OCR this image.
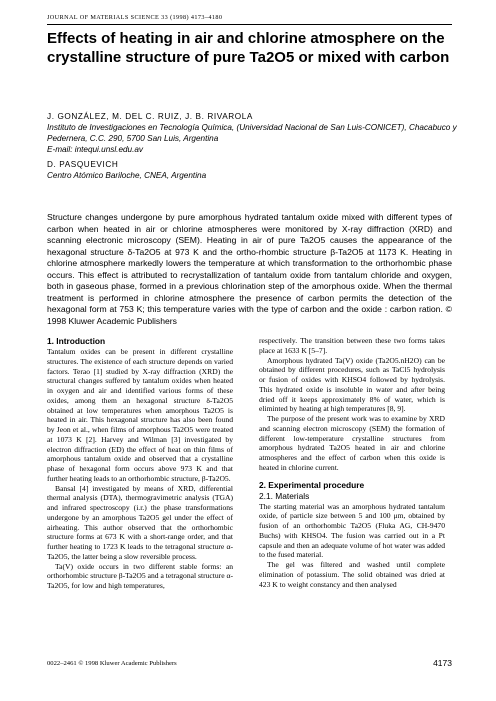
JOURNAL OF MATERIALS SCIENCE 33 (1998) 4173–4180
Effects of heating in air and chlorine atmosphere on the crystalline structure of pure Ta2O5 or mixed with carbon
J. GONZÁLEZ, M. DEL C. RUIZ, J. B. RIVAROLA
Instituto de Investigaciones en Tecnología Química, (Universidad Nacional de San Luis-CONICET), Chacabuco y Pedernera, C.C. 290, 5700 San Luis, Argentina
E-mail: intequi.unsl.edu.av
D. PASQUEVICH
Centro Atómico Bariloche, CNEA, Argentina
Structure changes undergone by pure amorphous hydrated tantalum oxide mixed with different types of carbon when heated in air or chlorine atmospheres were monitored by X-ray diffraction (XRD) and scanning electronic microscopy (SEM). Heating in air of pure Ta2O5 causes the appearance of the hexagonal structure δ-Ta2O5 at 973 K and the ortho-rhombic structure β-Ta2O5 at 1173 K. Heating in chlorine atmosphere markedly lowers the temperature at which transformation to the orthorhombic phase occurs. This effect is attributed to recrystallization of tantalum oxide from tantalum chloride and oxygen, both in gaseous phase, formed in a previous chlorination step of the amorphous oxide. When the thermal treatment is performed in chlorine atmosphere the presence of carbon permits the detection of the hexagonal form at 753 K; this temperature varies with the type of carbon and the oxide : carbon ration. © 1998 Kluwer Academic Publishers
1. Introduction

Tantalum oxides can be present in different crystalline structures. The existence of each structure depends on varied factors. Terao [1] studied by X-ray diffraction (XRD) the structural changes suffered by tantalum oxides when heated in oxygen and air and identified various forms of these oxides, among them an hexagonal structure δ-Ta2O5 obtained at low temperatures when amorphous Ta2O5 is heated in air. This hexagonal structure has also been found by Jeon et al., when films of amorphous Ta2O5 were treated at 1073 K [2]. Harvey and Wilman [3] investigated by electron diffraction (ED) the effect of heat on thin films of amorphous tantalum oxide and observed that a crystalline phase of hexagonal form occurs above 973 K and that further heating leads to an orthorhombic structure, β-Ta2O5.

Bansal [4] investigated by means of XRD, differential thermal analysis (DTA), thermogravimetric analysis (TGA) and infrared spectroscopy (i.r.) the phase transformations undergone by an amorphous Ta2O5 gel under the effect of airheating. This author observed that the orthorhombic structure forms at 673 K with a short-range order, and that further heating to 1723 K leads to the tetragonal structure α-Ta2O5, the latter being a slow reversible process.

Ta(V) oxide occurs in two different stable forms: an orthorhombic structure β-Ta2O5 and a tetragonal structure α-Ta2O5, for low and high temperatures,

respectively. The transition between these two forms takes place at 1633 K [5–7].

Amorphous hydrated Ta(V) oxide (Ta2O5.nH2O) can be obtained by different procedures, such as TaCl5 hydrolysis or fusion of oxides with KHSO4 followed by hydrolysis. This hydrated oxide is insoluble in water and after being dried off it keeps approximately 8% of water, which is eliminted by heating at high temperatures [8, 9].

The purpose of the present work was to examine by XRD and scanning electron microscopy (SEM) the formation of different low-temperature crystalline structures from amorphous hydrated Ta2O5 heated in air and chlorine atmospheres and the effect of carbon when this oxide is heated in chlorine current.

2. Experimental procedure
2.1. Materials

The starting material was an amorphous hydrated tantalum oxide, of particle size between 5 and 100 μm, obtained by fusion of an orthorhombic Ta2O5 (Fluka AG, CH-9470 Buchs) with KHSO4. The fusion was carried out in a Pt capsule and then an adequate volume of hot water was added to the fused material.

The gel was filtered and washed until complete elimination of potassium. The solid obtained was dried at 423 K to weight constancy and then analysed

0022–2461 © 1998 Kluwer Academic Publishers	4173
